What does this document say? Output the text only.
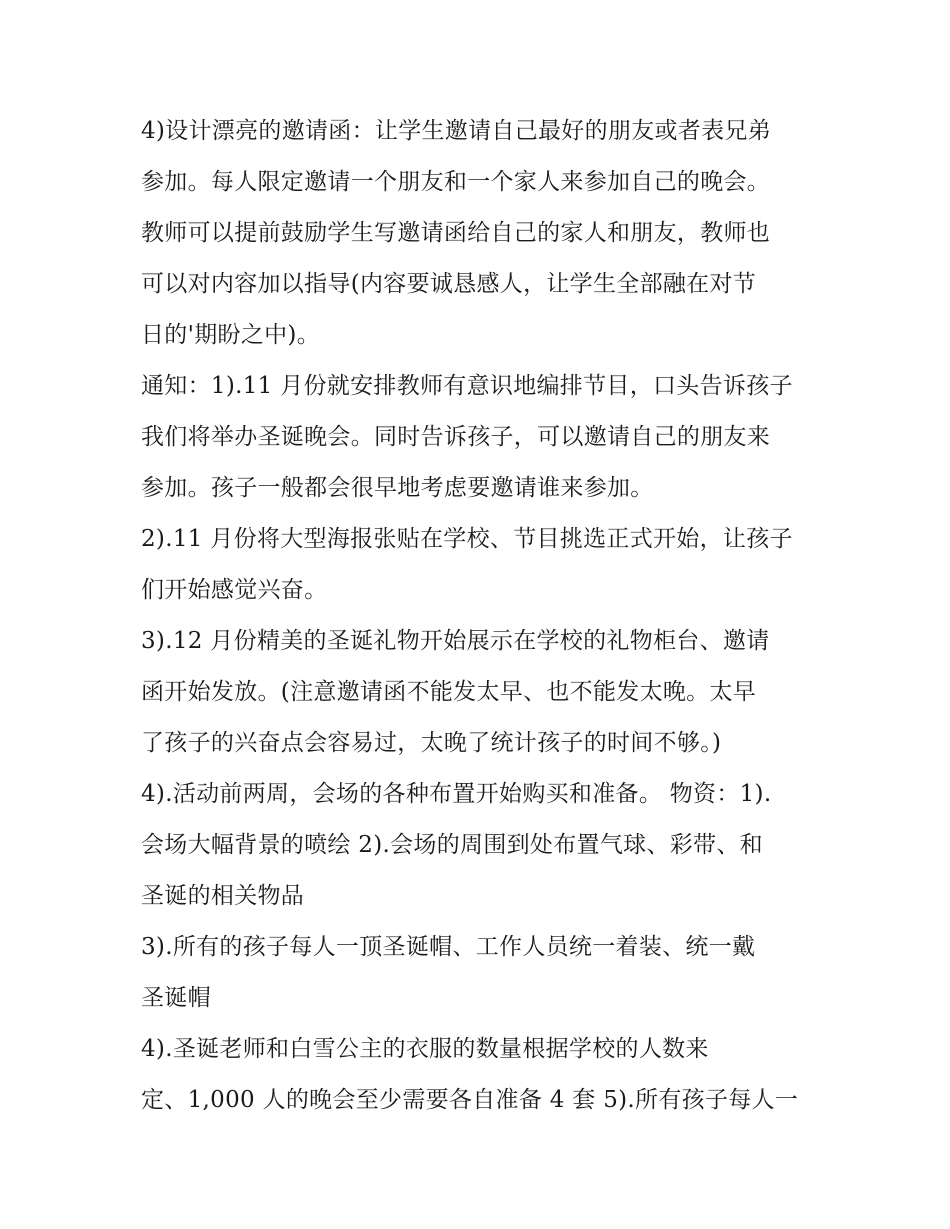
4)设计漂亮的邀请函：让学生邀请自己最好的朋友或者表兄弟
参加。每人限定邀请一个朋友和一个家人来参加自己的晚会。
教师可以提前鼓励学生写邀请函给自己的家人和朋友，教师也
可以对内容加以指导(内容要诚恳感人，让学生全部融在对节
日的'期盼之中)。
通知：1).11 月份就安排教师有意识地编排节目，口头告诉孩子
我们将举办圣诞晚会。同时告诉孩子，可以邀请自己的朋友来
参加。孩子一般都会很早地考虑要邀请谁来参加。
2).11 月份将大型海报张贴在学校、节目挑选正式开始，让孩子
们开始感觉兴奋。
3).12 月份精美的圣诞礼物开始展示在学校的礼物柜台、邀请
函开始发放。(注意邀请函不能发太早、也不能发太晚。太早
了孩子的兴奋点会容易过，太晚了统计孩子的时间不够。)
4).活动前两周，会场的各种布置开始购买和准备。 物资：1).
会场大幅背景的喷绘 2).会场的周围到处布置气球、彩带、和
圣诞的相关物品
3).所有的孩子每人一顶圣诞帽、工作人员统一着装、统一戴
圣诞帽
4).圣诞老师和白雪公主的衣服的数量根据学校的人数来
定、1,000 人的晚会至少需要各自准备 4 套 5).所有孩子每人一
